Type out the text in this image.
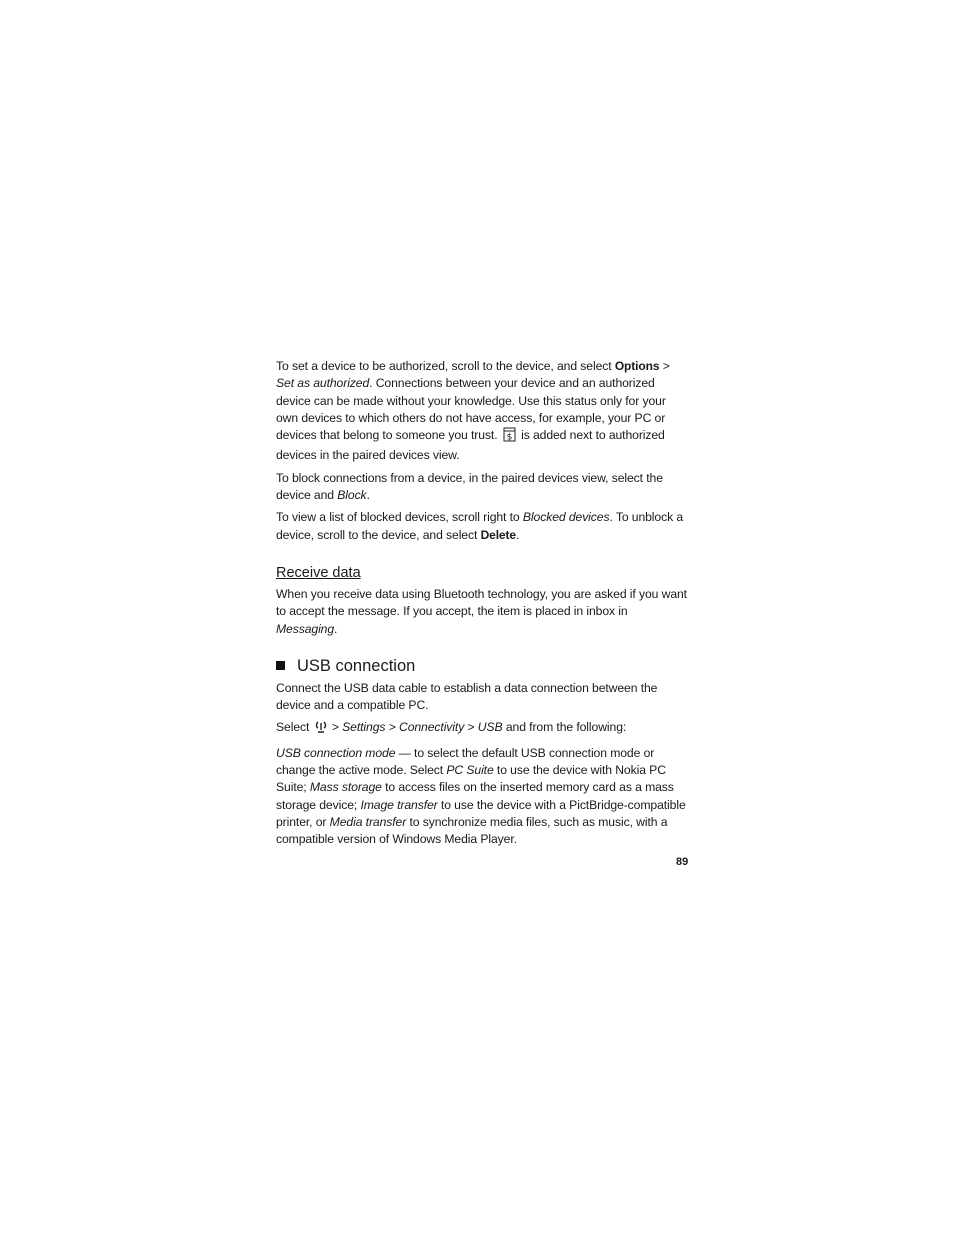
To set a device to be authorized, scroll to the device, and select Options > Set as authorized. Connections between your device and an authorized device can be made without your knowledge. Use this status only for your own devices to which others do not have access, for example, your PC or devices that belong to someone you trust. $ is added next to authorized devices in the paired devices view.

To block connections from a device, in the paired devices view, select the device and Block.

To view a list of blocked devices, scroll right to Blocked devices. To unblock a device, scroll to the device, and select Delete.

Receive data

When you receive data using Bluetooth technology, you are asked if you want to accept the message. If you accept, the item is placed in inbox in Messaging.

USB connection

Connect the USB data cable to establish a data connection between the device and a compatible PC.

Select  > Settings > Connectivity > USB and from the following:

USB connection mode — to select the default USB connection mode or change the active mode. Select PC Suite to use the device with Nokia PC Suite; Mass storage to access files on the inserted memory card as a mass storage device; Image transfer to use the device with a PictBridge-compatible printer, or Media transfer to synchronize media files, such as music, with a compatible version of Windows Media Player.

89
